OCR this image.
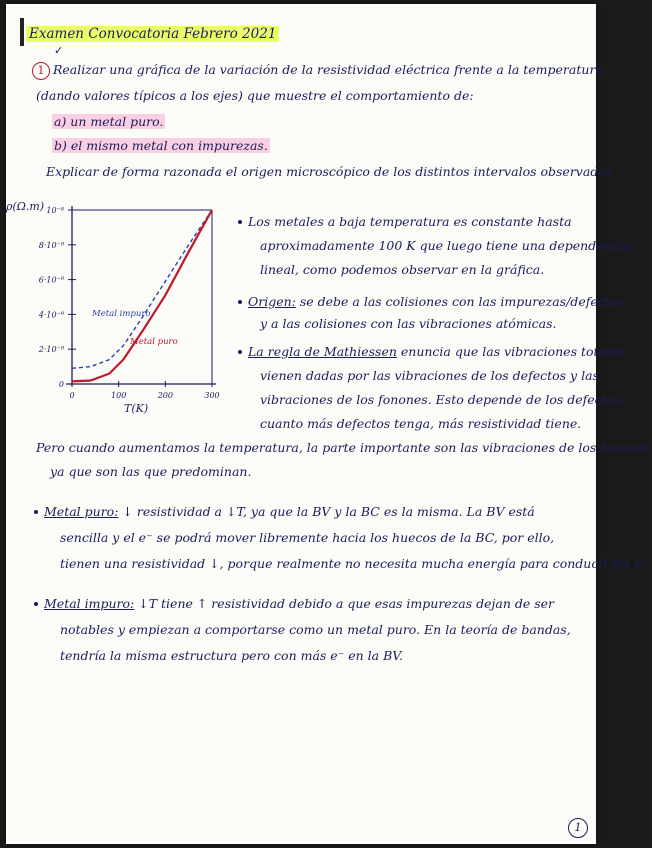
Examen Convocatoria Febrero 2021
✓
1 Realizar una gráfica de la variación de la resistividad eléctrica frente a la temperatura
(dando valores típicos a los ejes) que muestre el comportamiento de:
a) un metal puro.
b) el mismo metal con impurezas.
Explicar de forma razonada el origen microscópico de los distintos intervalos observados.
10⁻⁸
8·10⁻⁹
6·10⁻⁹
4·10⁻⁹
2·10⁻⁹
0
0	100	200	300
Metal impuro
Metal puro
ρ(Ω.m)
T(K)
Los metales a baja temperatura es constante hasta
aproximadamente 100 K que luego tiene una dependencia
lineal, como podemos observar en la gráfica.
Origen: se debe a las colisiones con las impurezas/defectos,
y a las colisiones con las vibraciones atómicas.
La regla de Mathiessen enuncia que las vibraciones totales
vienen dadas por las vibraciones de los defectos y las
vibraciones de los fonones. Esto depende de los defectos,
cuanto más defectos tenga, más resistividad tiene.
Pero cuando aumentamos la temperatura, la parte importante son las vibraciones de los fonones
ya que son las que predominan.
Metal puro: ↓ resistividad a ↓T, ya que la BV y la BC es la misma. La BV está
sencilla y el e⁻ se podrá mover libremente hacia los huecos de la BC, por ello,
tienen una resistividad ↓, porque realmente no necesita mucha energía para conducir los e⁻.
Metal impuro: ↓T tiene ↑ resistividad debido a que esas impurezas dejan de ser
notables y empiezan a comportarse como un metal puro. En la teoría de bandas,
tendría la misma estructura pero con más e⁻ en la BV.
1
